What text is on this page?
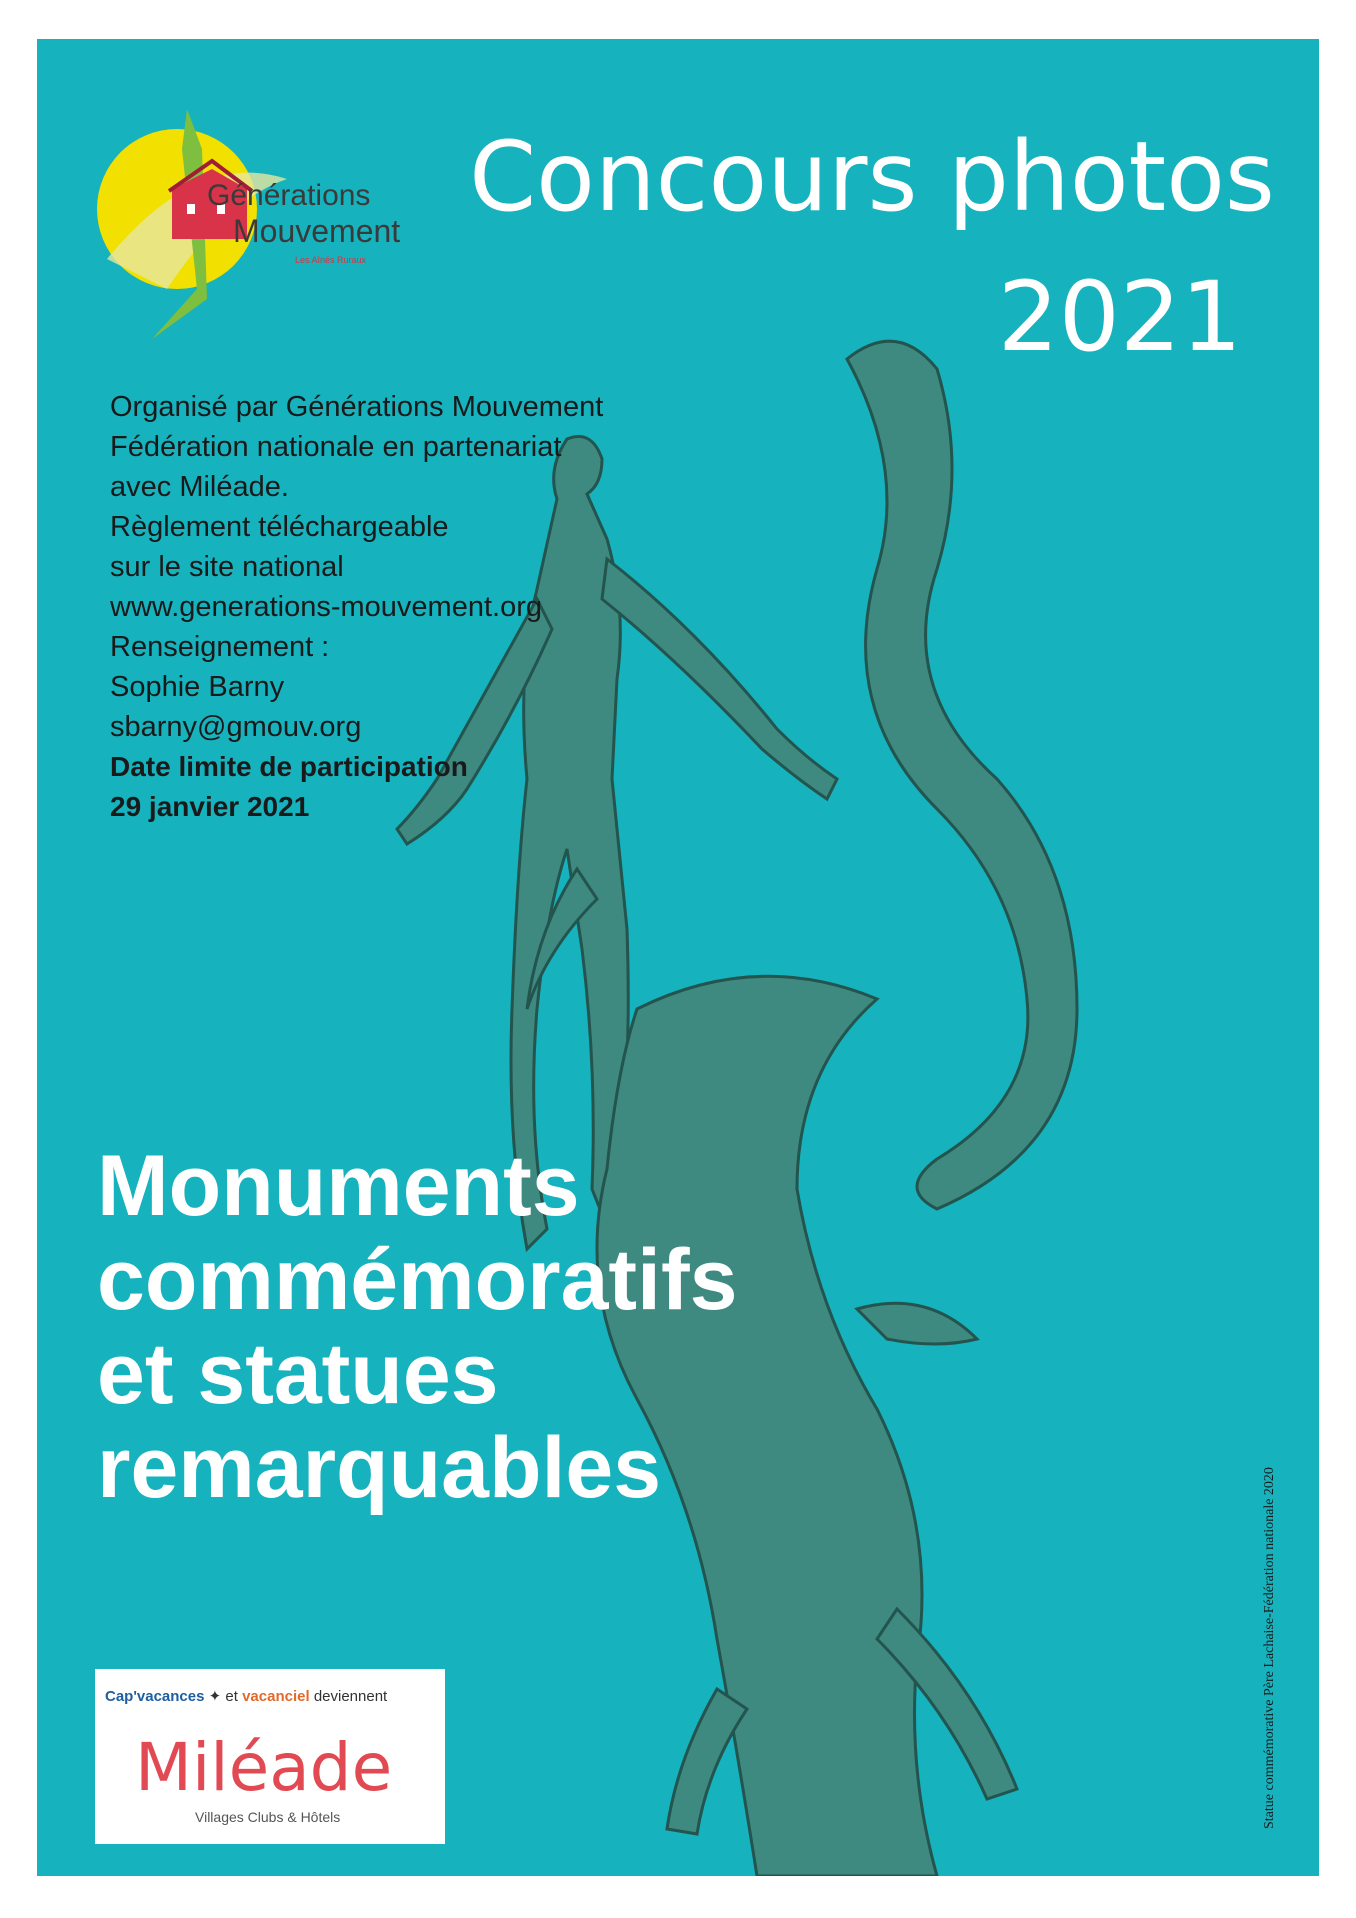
Générations
Mouvement
Les Aînés Ruraux
Concours photos
2021
Organisé par Générations Mouvement
Fédération nationale en partenariat
avec Miléade.
Règlement téléchargeable
sur le site national
www.generations-mouvement.org
Renseignement :
Sophie Barny
sbarny@gmouv.org
Date limite de participation
29 janvier 2021
Monuments
commémoratifs
et statues
remarquables	Statue commémorative Père Lachaise-Fédération nationale 2020
Cap'vacances ✦ et vacanciel deviennent
Miléade
Villages Clubs & Hôtels
